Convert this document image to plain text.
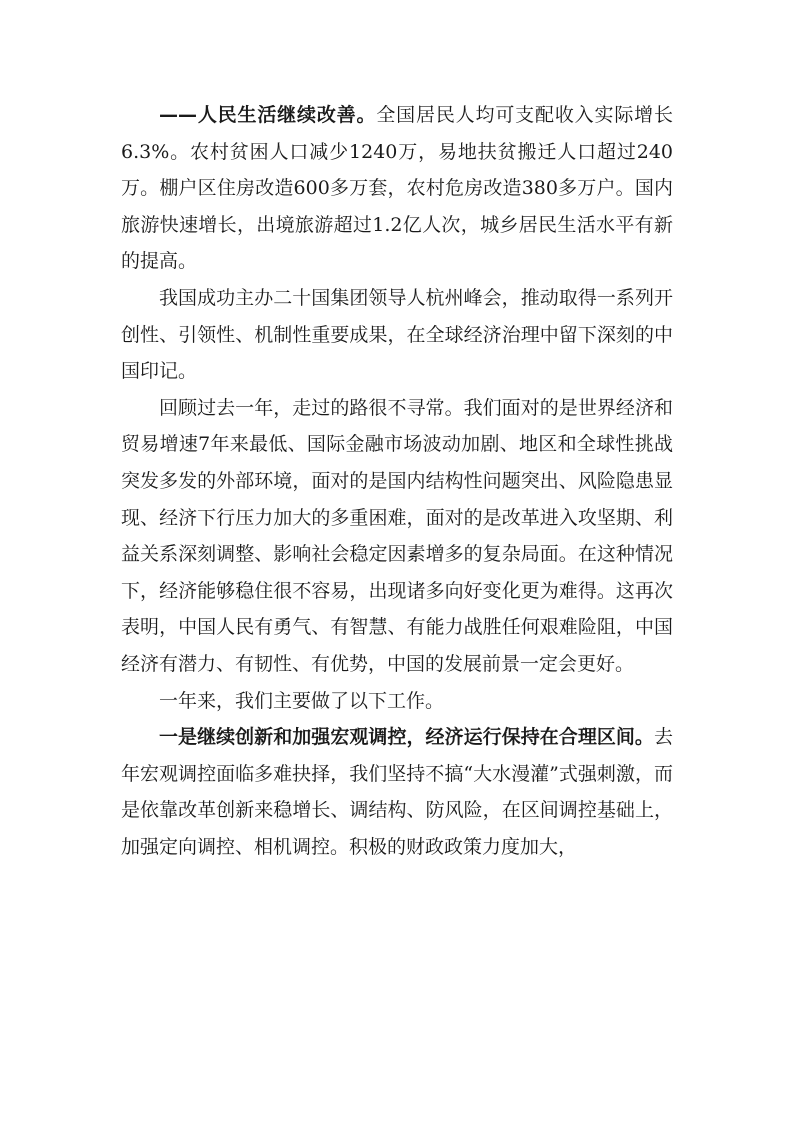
——人民生活继续改善。全国居民人均可支配收入实际增长6.3%。农村贫困人口减少1240万，易地扶贫搬迁人口超过240万。棚户区住房改造600多万套，农村危房改造380多万户。国内旅游快速增长，出境旅游超过1.2亿人次，城乡居民生活水平有新的提高。

我国成功主办二十国集团领导人杭州峰会，推动取得一系列开创性、引领性、机制性重要成果，在全球经济治理中留下深刻的中国印记。

回顾过去一年，走过的路很不寻常。我们面对的是世界经济和贸易增速7年来最低、国际金融市场波动加剧、地区和全球性挑战突发多发的外部环境，面对的是国内结构性问题突出、风险隐患显现、经济下行压力加大的多重困难，面对的是改革进入攻坚期、利益关系深刻调整、影响社会稳定因素增多的复杂局面。在这种情况下，经济能够稳住很不容易，出现诸多向好变化更为难得。这再次表明，中国人民有勇气、有智慧、有能力战胜任何艰难险阻，中国经济有潜力、有韧性、有优势，中国的发展前景一定会更好。

一年来，我们主要做了以下工作。

一是继续创新和加强宏观调控，经济运行保持在合理区间。去年宏观调控面临多难抉择，我们坚持不搞“大水漫灌”式强刺激，而是依靠改革创新来稳增长、调结构、防风险，在区间调控基础上，加强定向调控、相机调控。积极的财政政策力度加大，
